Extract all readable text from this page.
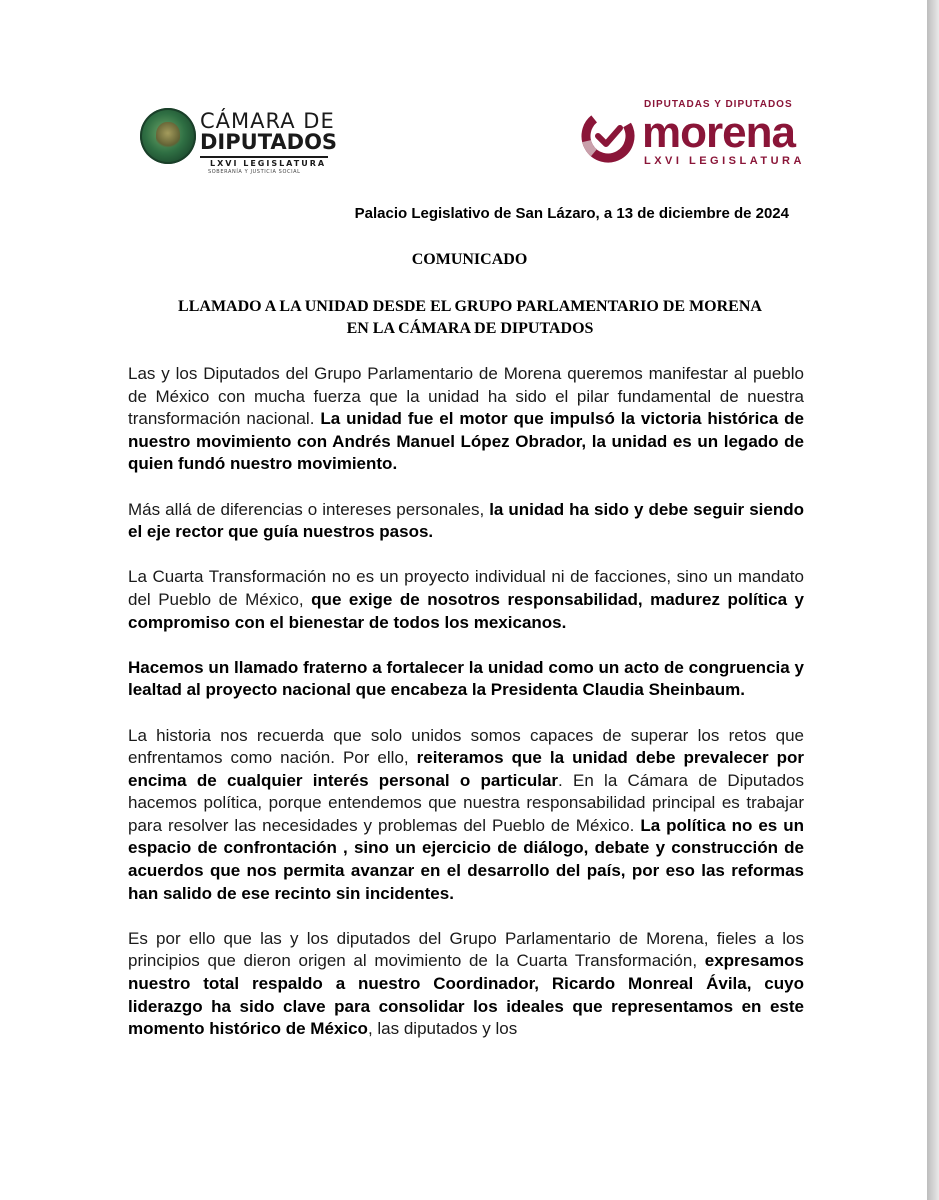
CÁMARA DE
DIPUTADOS
LXVI LEGISLATURA
SOBERANÍA Y JUSTICIA SOCIAL
DIPUTADAS Y DIPUTADOS
morena
LXVI LEGISLATURA
Palacio Legislativo de San Lázaro, a 13 de diciembre de 2024
COMUNICADO
LLAMADO A LA UNIDAD DESDE EL GRUPO PARLAMENTARIO DE MORENA
EN LA CÁMARA DE DIPUTADOS

Las y los Diputados del Grupo Parlamentario de Morena queremos manifestar al pueblo de México con mucha fuerza que la unidad ha sido el pilar fundamental de nuestra transformación nacional. La unidad fue el motor que impulsó la victoria histórica de nuestro movimiento con Andrés Manuel López Obrador, la unidad es un legado de quien fundó nuestro movimiento.

Más allá de diferencias o intereses personales, la unidad ha sido y debe seguir siendo el eje rector que guía nuestros pasos.

La Cuarta Transformación no es un proyecto individual ni de facciones, sino un mandato del Pueblo de México, que exige de nosotros responsabilidad, madurez política y compromiso con el bienestar de todos los mexicanos.

Hacemos un llamado fraterno a fortalecer la unidad como un acto de congruencia y lealtad al proyecto nacional que encabeza la Presidenta Claudia Sheinbaum.

La historia nos recuerda que solo unidos somos capaces de superar los retos que enfrentamos como nación. Por ello, reiteramos que la unidad debe prevalecer por encima de cualquier interés personal o particular. En la Cámara de Diputados hacemos política, porque entendemos que nuestra responsabilidad principal es trabajar para resolver las necesidades y problemas del Pueblo de México. La política no es un espacio de confrontación , sino un ejercicio de diálogo, debate y construcción de acuerdos que nos permita avanzar en el desarrollo del país, por eso las reformas han salido de ese recinto sin incidentes.

Es por ello que las y los diputados del Grupo Parlamentario de Morena, fieles a los principios que dieron origen al movimiento de la Cuarta Transformación, expresamos nuestro total respaldo a nuestro Coordinador, Ricardo Monreal Ávila, cuyo liderazgo ha sido clave para consolidar los ideales que representamos en este momento histórico de México, las diputados y los
